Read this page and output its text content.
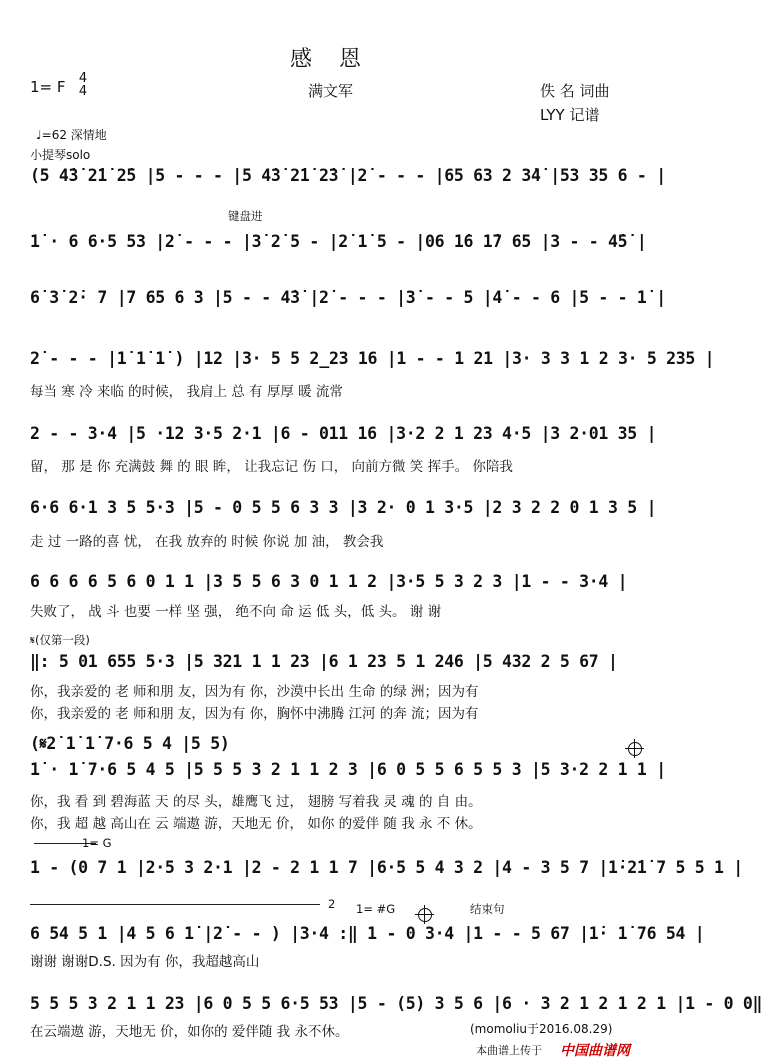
感 恩
1= F 4
4	满文军	佚 名 词曲
LYY 记谱
♩=62 深情地
小提琴solo
(5 4̇3̇ 2̇1̇ 2̇5 |5 - - - |5 4̇3̇ 2̇1̇ 2̇3̇ |2̇ - - - |65 63 2 3̇4̇ |53 35 6 - |
键盘进
1̇ · 6 6·5 53 |2̇ - - - |3̇ 2̇ 5 - |2̇ 1̇ 5 - |06 1̇6 1̇7 65 |3 - - 4̇5̇ |
6̇ 3̇ 2̇· 7 |7 65 6 3 |5 - - 4̇3̇ |2̇ - - - |3̇ - - 5 |4̇ - - 6 |5 - - 1̇ |
2̇ - - - |1̇ 1̇ 1̇ ) |12 |3· 5 5 2̲23 16 |1 - - 1 21 |3· 3 3 1 2 3· 5 235 |
每当 寒 冷 来临 的时候， 我肩上 总 有 厚厚 暖 流常
2 - - 3·4 |5 ·12 3·5 2·1 |6 - 011 16 |3·2 2 1 23 4·5 |3 2·01 35 |
留， 那 是 你 充满鼓 舞 的 眼 眸， 让我忘记 伤 口， 向前方微 笑 挥手。 你陪我
6·6 6·1 3 5 5·3 |5 - 0 5 5 6 3 3 |3 2· 0 1 3·5 |2 3 2 2 0 1 3 5 |
走 过 一路的喜 忧， 在我 放弃的 时候 你说 加 油， 教会我
6 6 6 6 5 6 0 1 1 |3 5 5 6 3 0 1 1 2 |3·5 5 3 2 3 |1 - - 3·4 |
失败了， 战 斗 也要 一样 坚 强， 绝不向 命 运 低 头，低 头。 谢 谢
𝄋(仅第一段)
‖: 5 01 655 5·3 |5 321 1 1 23 |6 1 23 5 1 246 |5 432 2 5 67 |
你，我亲爱的 老 师和朋 友，因为有 你，沙漠中长出 生命 的绿 洲；因为有
你，我亲爱的 老 师和朋 友，因为有 你，胸怀中沸腾 江河 的奔 流；因为有
(𝄋2̇ 1̇ 1̇ 7·6 5 4 |5 5)
1̇ · 1̇ 7·6 5 4 5 |5 5 5 3 2 1 1 2 3 |6 0 5 5 6 5 5 3 |5 3·2 2 1 1 |
你，我 看 到 碧海蓝 天 的尽 头，雄鹰飞 过， 翅膀 写着我 灵 魂 的 自 由。
你，我 超 越 高山在 云 端遨 游，天地无 价， 如你 的爱伴 随 我 永 不 休。
1= G
1 - (0 7 1 |2·5 3 2·1 |2 - 2 1 1 7 |6·5 5 4 3 2 |4 - 3 5 7 |1̇·2̇1̇ 7 5 5 1 |
2 1= #G	结束句
6 54 5 1 |4 5 6 1̇ |2̇ - - ) |3·4 :‖ 1 - 0 3·4 |1 - - 5 67 |1̇· 1̇ 76 54 |
谢谢 谢谢D.S. 因为有 你，我超越高山
5 5 5 3 2 1 1 23 |6 0 5 5 6·5 53 |5 - (5) 3 5 6 |6 · 3 2 1 2 1 2 1 |1 - 0 0‖
在云端遨 游，天地无 价，如你的 爱伴随 我 永不休。	(momoliu于2016.08.29)
本曲谱上传于 中国曲谱网
